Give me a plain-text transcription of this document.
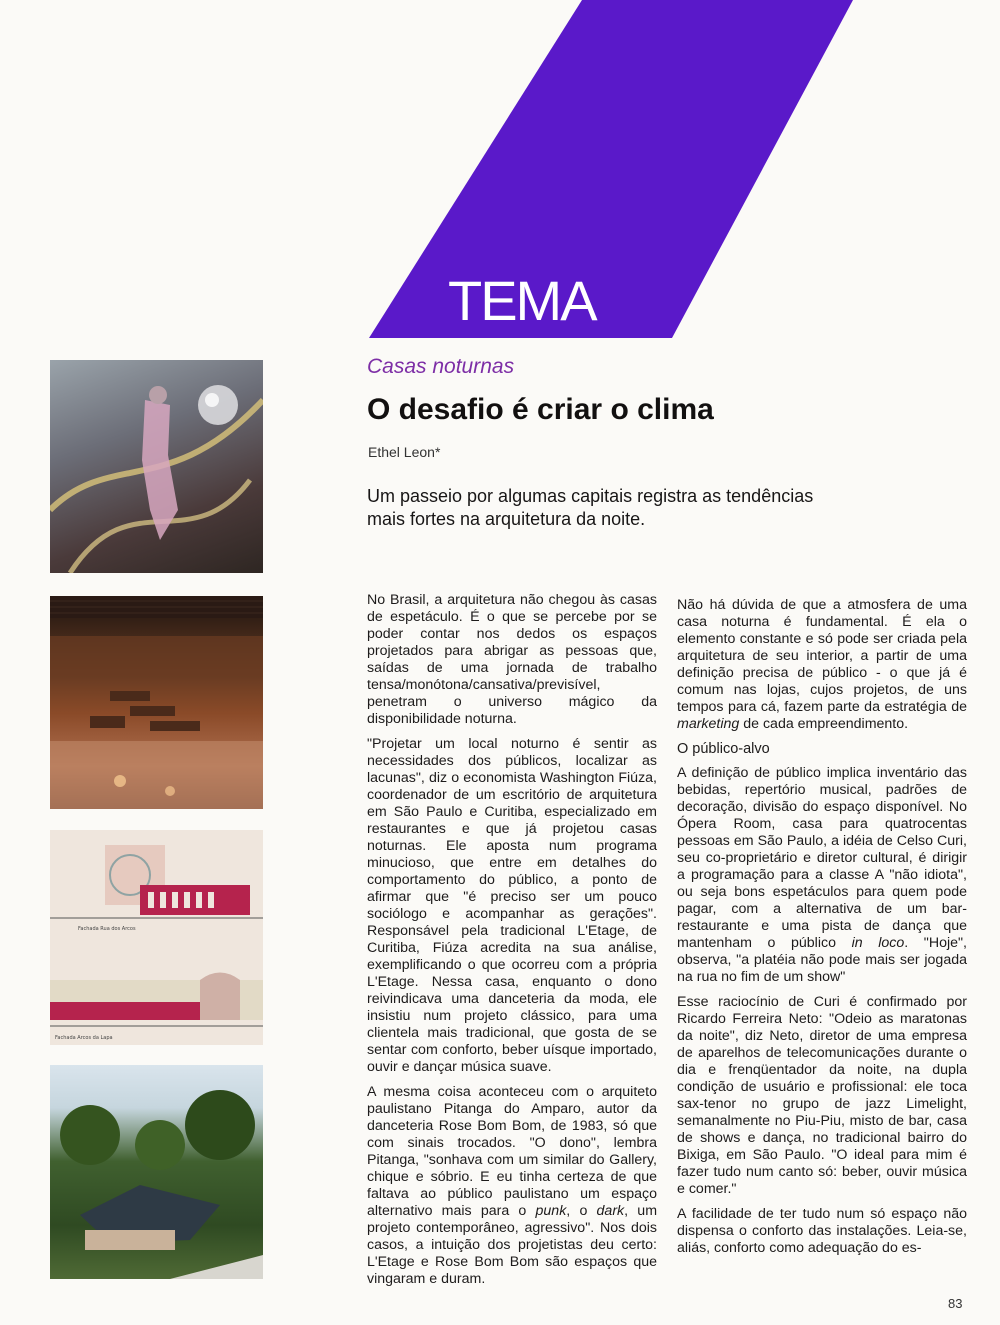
TEMA
Casas noturnas
O desafio é criar o clima
Ethel Leon*

Um passeio por algumas capitais registra as tendências mais fortes na arquitetura da noite.

Fachada Rua dos Arcos
Fachada Arcos da Lapa

No Brasil, a arquitetura não chegou às casas de espetáculo. É o que se percebe por se poder contar nos dedos os espaços projetados para abrigar as pessoas que, saídas de uma jornada de trabalho tensa/monótona/cansativa/previsível, penetram o universo mágico da disponibilidade noturna.

"Projetar um local noturno é sentir as necessidades dos públicos, localizar as lacunas", diz o economista Washington Fiúza, coordenador de um escritório de arquitetura em São Paulo e Curitiba, especializado em restaurantes e que já projetou casas noturnas. Ele aposta num programa minucioso, que entre em detalhes do comportamento do público, a ponto de afirmar que "é preciso ser um pouco sociólogo e acompanhar as gerações". Responsável pela tradicional L'Etage, de Curitiba, Fiúza acredita na sua análise, exemplificando o que ocorreu com a própria L'Etage. Nessa casa, enquanto o dono reivindicava uma danceteria da moda, ele insistiu num projeto clássico, para uma clientela mais tradicional, que gosta de se sentar com conforto, beber uísque importado, ouvir e dançar música suave.

A mesma coisa aconteceu com o arquiteto paulistano Pitanga do Amparo, autor da danceteria Rose Bom Bom, de 1983, só que com sinais trocados. "O dono", lembra Pitanga, "sonhava com um similar do Gallery, chique e sóbrio. E eu tinha certeza de que faltava ao público paulistano um espaço alternativo mais para o punk, o dark, um projeto contemporâneo, agressivo". Nos dois casos, a intuição dos projetistas deu certo: L'Etage e Rose Bom Bom são espaços que vingaram e duram.

Não há dúvida de que a atmosfera de uma casa noturna é fundamental. É ela o elemento constante e só pode ser criada pela arquitetura de seu interior, a partir de uma definição precisa de público - o que já é comum nas lojas, cujos projetos, de uns tempos para cá, fazem parte da estratégia de marketing de cada empreendimento.

O público-alvo

A definição de público implica inventário das bebidas, repertório musical, padrões de decoração, divisão do espaço disponível. No Ópera Room, casa para quatrocentas pessoas em São Paulo, a idéia de Celso Curi, seu co-proprietário e diretor cultural, é dirigir a programação para a classe A "não idiota", ou seja bons espetáculos para quem pode pagar, com a alternativa de um bar-restaurante e uma pista de dança que mantenham o público in loco. "Hoje", observa, "a platéia não pode mais ser jogada na rua no fim de um show"

Esse raciocínio de Curi é confirmado por Ricardo Ferreira Neto: "Odeio as maratonas da noite", diz Neto, diretor de uma empresa de aparelhos de telecomunicações durante o dia e frenqüentador da noite, na dupla condição de usuário e profissional: ele toca sax-tenor no grupo de jazz Limelight, semanalmente no Piu-Piu, misto de bar, casa de shows e dança, no tradicional bairro do Bixiga, em São Paulo. "O ideal para mim é fazer tudo num canto só: beber, ouvir música e comer."

A facilidade de ter tudo num só espaço não dispensa o conforto das instalações. Leia-se, aliás, conforto como adequação do es-

83
